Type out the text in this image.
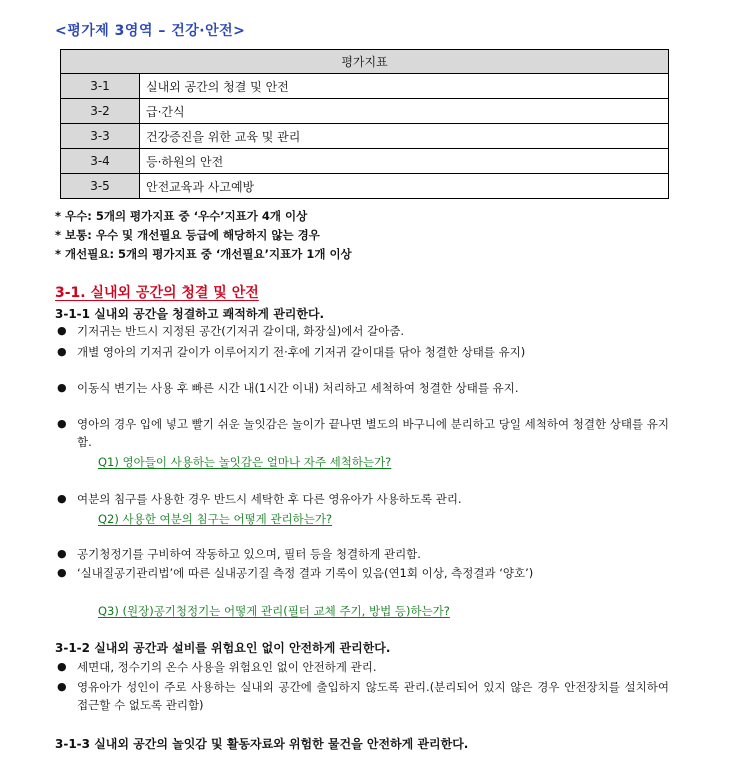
<평가제 3영역 – 건강·안전>
평가지표	
3-1	실내외 공간의 청결 및 안전
3-2	급·간식
3-3	건강증진을 위한 교육 및 관리
3-4	등·하원의 안전
3-5	안전교육과 사고예방
* 우수: 5개의 평가지표 중 ‘우수’지표가 4개 이상
* 보통: 우수 및 개선필요 등급에 해당하지 않는 경우
* 개선필요: 5개의 평가지표 중 ‘개선필요’지표가 1개 이상
3-1. 실내외 공간의 청결 및 안전
3-1-1 실내외 공간을 청결하고 쾌적하게 관리한다.
● 기저귀는 반드시 지정된 공간(기저귀 갈이대, 화장실)에서 갈아줌.
● 개별 영아의 기저귀 갈이가 이루어지기 전·후에 기저귀 갈이대를 닦아 청결한 상태를 유지)
● 이동식 변기는 사용 후 빠른 시간 내(1시간 이내) 처리하고 세척하여 청결한 상태를 유지.
● 영아의 경우 입에 넣고 빨기 쉬운 놀잇감은 놀이가 끝나면 별도의 바구니에 분리하고 당일 세척하여 청결한 상태를 유지함.
Q1) 영아들이 사용하는 놀잇감은 얼마나 자주 세척하는가?
● 여분의 침구를 사용한 경우 반드시 세탁한 후 다른 영유아가 사용하도록 관리.
Q2) 사용한 여분의 침구는 어떻게 관리하는가?
● 공기청정기를 구비하여 작동하고 있으며, 필터 등을 청결하게 관리함.
● ‘실내질공기관리법’에 따른 실내공기질 측정 결과 기록이 있음(연1회 이상, 측정결과 ‘양호’)
Q3) (원장)공기청정기는 어떻게 관리(필터 교체 주기, 방법 등)하는가?
3-1-2 실내외 공간과 설비를 위험요인 없이 안전하게 관리한다.
● 세면대, 정수기의 온수 사용을 위험요인 없이 안전하게 관리.
● 영유아가 성인이 주로 사용하는 실내외 공간에 출입하지 않도록 관리.(분리되어 있지 않은 경우 안전장치를 설치하여 접근할 수 없도록 관리함)
3-1-3 실내외 공간의 놀잇감 및 활동자료와 위험한 물건을 안전하게 관리한다.
